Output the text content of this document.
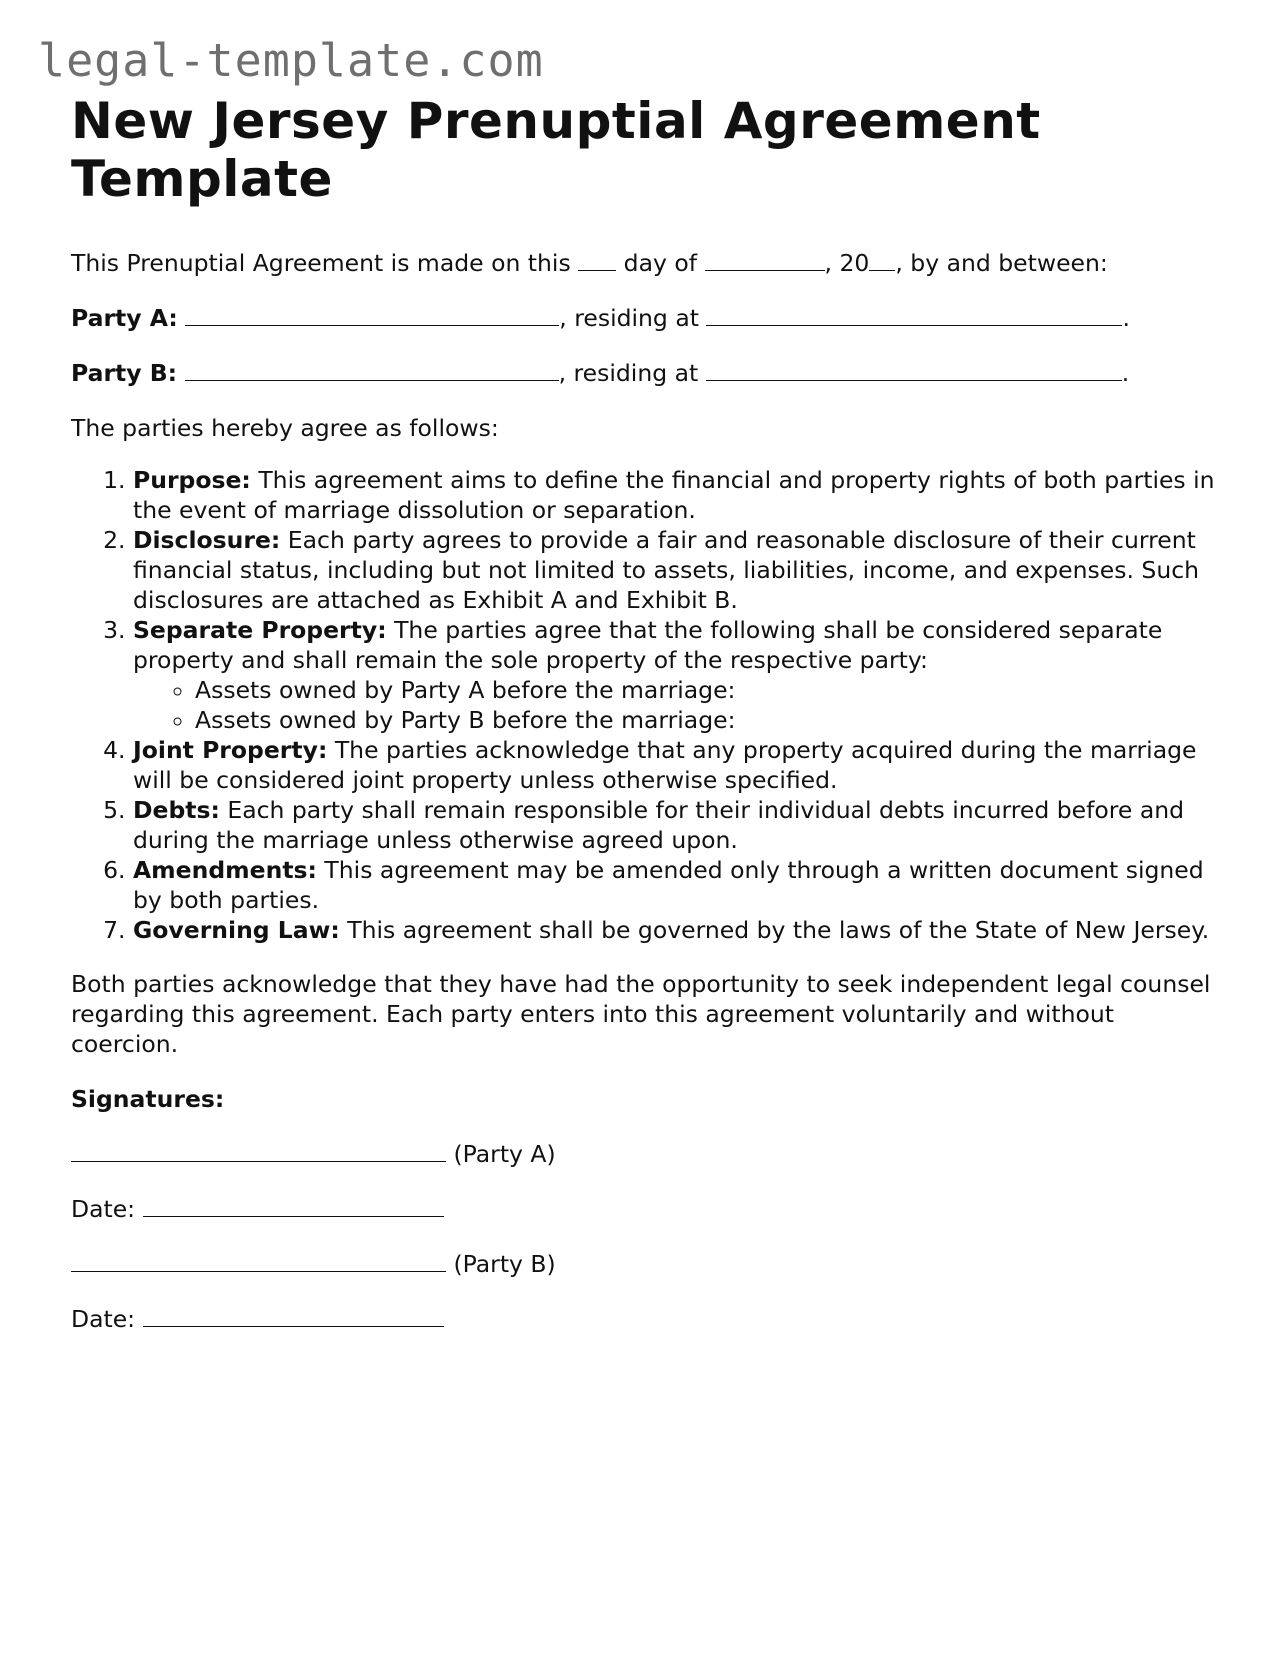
legal-template.com
New Jersey Prenuptial Agreement Template

This Prenuptial Agreement is made on this day of	, 20 , by and between:

Party A:	, residing at	.

Party B:	, residing at	.

The parties hereby agree as follows:

1. Purpose: This agreement aims to define the financial and property rights of both parties in the event of marriage dissolution or separation.
2. Disclosure: Each party agrees to provide a fair and reasonable disclosure of their current financial status, including but not limited to assets, liabilities, income, and expenses. Such disclosures are attached as Exhibit A and Exhibit B.
3. Separate Property: The parties agree that the following shall be considered separate property and shall remain the sole property of the respective party:
◦ Assets owned by Party A before the marriage:
◦ Assets owned by Party B before the marriage:
4. Joint Property: The parties acknowledge that any property acquired during the marriage will be considered joint property unless otherwise specified.
5. Debts: Each party shall remain responsible for their individual debts incurred before and during the marriage unless otherwise agreed upon.
6. Amendments: This agreement may be amended only through a written document signed by both parties.
7. Governing Law: This agreement shall be governed by the laws of the State of New Jersey.

Both parties acknowledge that they have had the opportunity to seek independent legal counsel regarding this agreement. Each party enters into this agreement voluntarily and without coercion.

Signatures:

(Party A)

Date:

(Party B)

Date:
